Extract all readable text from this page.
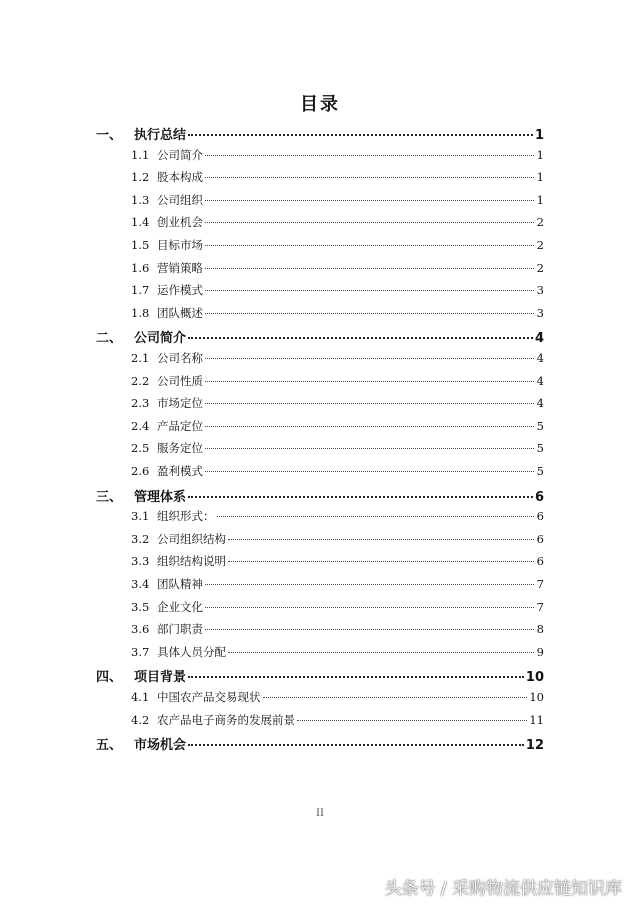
目录
一、 执行总结	1
1.1 公司简介	1
1.2 股本构成	1
1.3 公司组织	1
1.4 创业机会	2
1.5 目标市场	2
1.6 营销策略	2
1.7 运作模式	3
1.8 团队概述	3
二、 公司简介	4
2.1 公司名称	4
2.2 公司性质	4
2.3 市场定位	4
2.4 产品定位	5
2.5 服务定位	5
2.6 盈利模式	5
三、 管理体系	6
3.1 组织形式：	6
3.2 公司组织结构	6
3.3 组织结构说明	6
3.4 团队精神	7
3.5 企业文化	7
3.6 部门职责	8
3.7 具体人员分配	9
四、 项目背景	10
4.1 中国农产品交易现状	10
4.2 农产品电子商务的发展前景	11
五、 市场机会	12
II
头条号 / 采购物流供应链知识库
